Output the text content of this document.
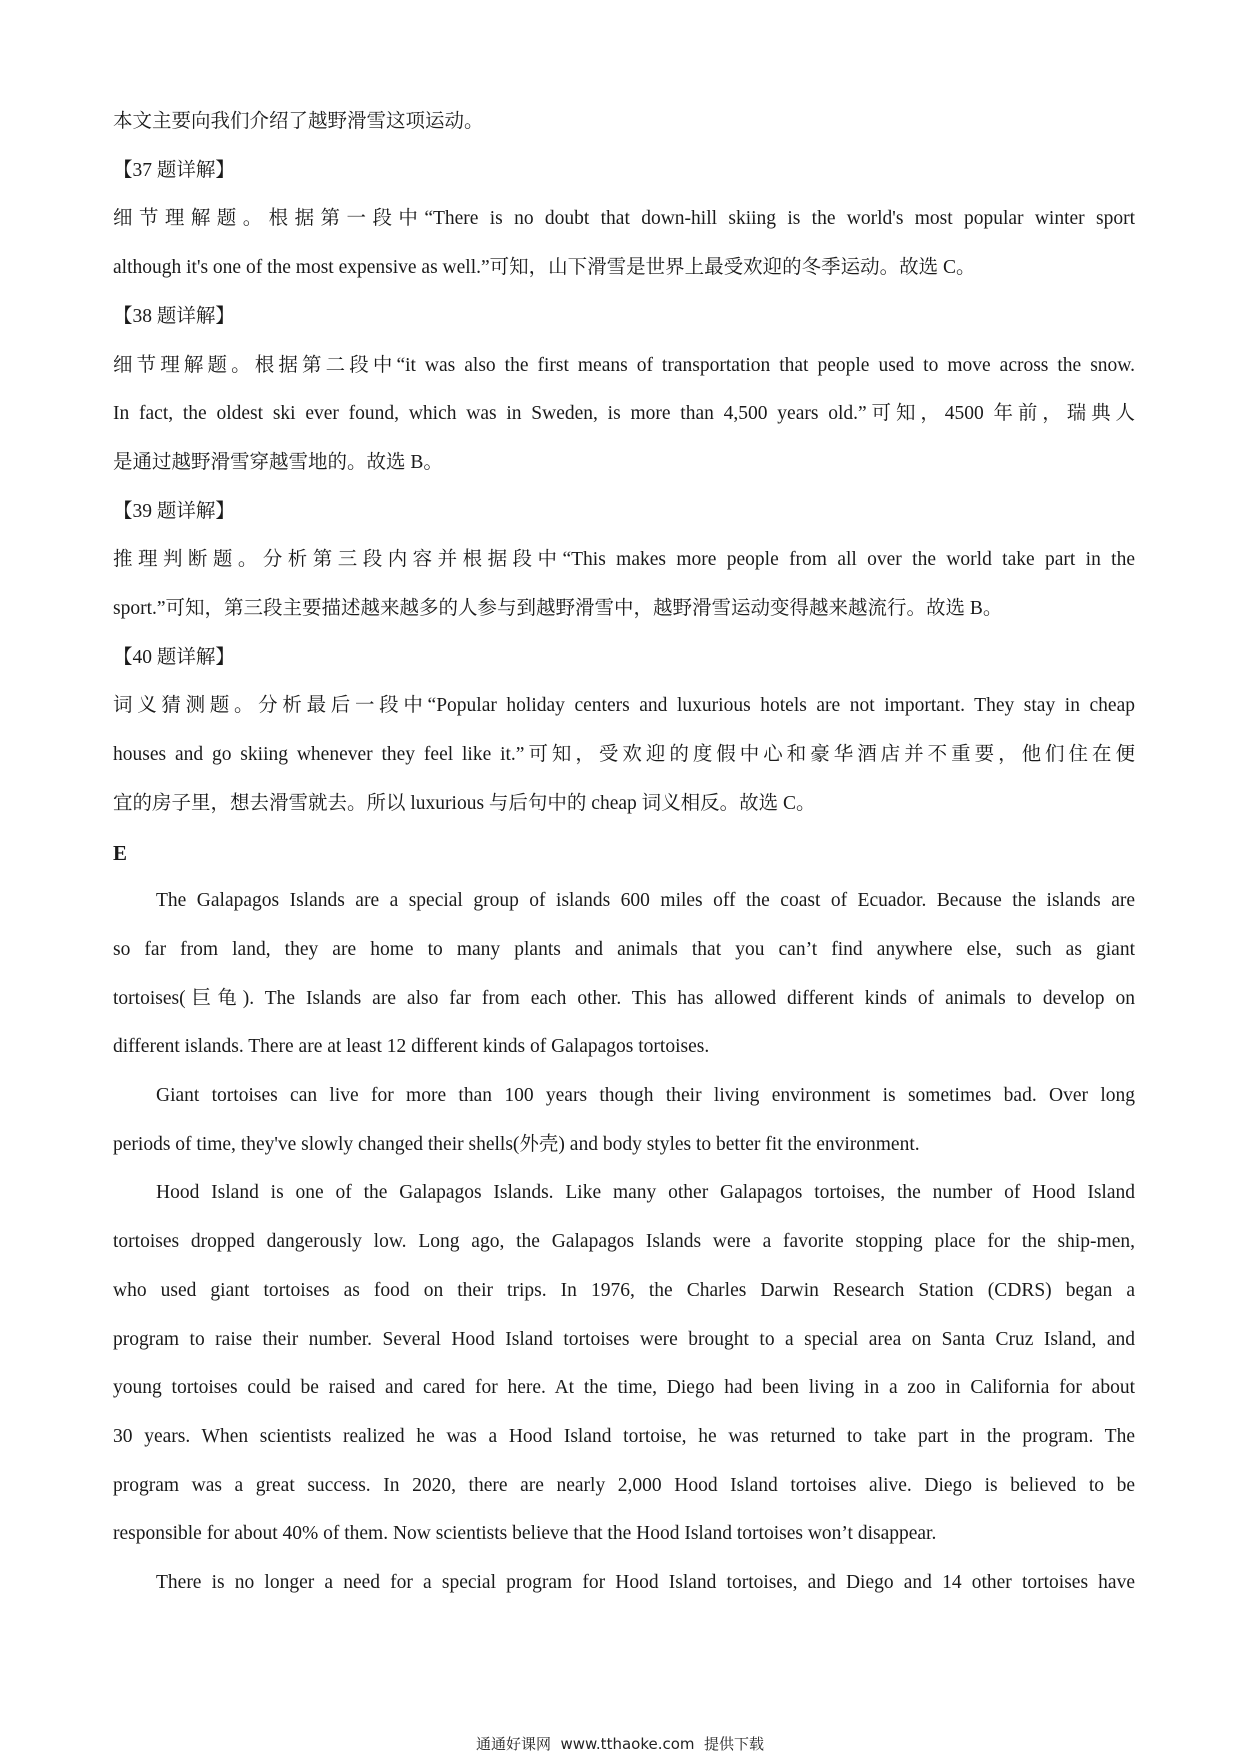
本文主要向我们介绍了越野滑雪这项运动。

【37 题详解】

细节理解题。根据第一段中“There is no doubt that down-hill skiing is the world's most popular winter sport

although it's one of the most expensive as well.”可知，山下滑雪是世界上最受欢迎的冬季运动。故选 C。

【38 题详解】

细节理解题。根据第二段中“it was also the first means of transportation that people used to move across the snow.

In fact, the oldest ski ever found, which was in Sweden, is more than 4,500 years old.”可知，4500 年前，瑞典人

是通过越野滑雪穿越雪地的。故选 B。

【39 题详解】

推理判断题。分析第三段内容并根据段中“This makes more people from all over the world take part in the

sport.”可知，第三段主要描述越来越多的人参与到越野滑雪中，越野滑雪运动变得越来越流行。故选 B。

【40 题详解】

词义猜测题。分析最后一段中“Popular holiday centers and luxurious hotels are not important. They stay in cheap

houses and go skiing whenever they feel like it.”可知，受欢迎的度假中心和豪华酒店并不重要，他们住在便

宜的房子里，想去滑雪就去。所以 luxurious 与后句中的 cheap 词义相反。故选 C。

E

The Galapagos Islands are a special group of islands 600 miles off the coast of Ecuador. Because the islands are

so far from land, they are home to many plants and animals that you can’t find anywhere else, such as giant

tortoises(巨龟). The Islands are also far from each other. This has allowed different kinds of animals to develop on

different islands. There are at least 12 different kinds of Galapagos tortoises.

Giant tortoises can live for more than 100 years though their living environment is sometimes bad. Over long

periods of time, they've slowly changed their shells(外壳) and body styles to better fit the environment.

Hood Island is one of the Galapagos Islands. Like many other Galapagos tortoises, the number of Hood Island

tortoises dropped dangerously low. Long ago, the Galapagos Islands were a favorite stopping place for the ship-men,

who used giant tortoises as food on their trips. In 1976, the Charles Darwin Research Station (CDRS) began a

program to raise their number. Several Hood Island tortoises were brought to a special area on Santa Cruz Island, and

young tortoises could be raised and cared for here. At the time, Diego had been living in a zoo in California for about

30 years. When scientists realized he was a Hood Island tortoise, he was returned to take part in the program. The

program was a great success. In 2020, there are nearly 2,000 Hood Island tortoises alive. Diego is believed to be

responsible for about 40% of them. Now scientists believe that the Hood Island tortoises won’t disappear.

There is no longer a need for a special program for Hood Island tortoises, and Diego and 14 other tortoises have

通通好课网  www.tthaoke.com  提供下载
